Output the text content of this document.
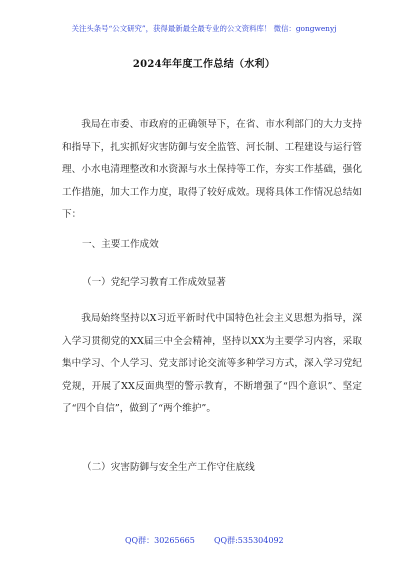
关注头条号“公文研究”，获得最新最全最专业的公文资料库！ 微信：gongwenyj
2024年年度工作总结（水利）

我局在市委、市政府的正确领导下，在省、市水利部门的大力支持和指导下，扎实抓好灾害防御与安全监管、河长制、工程建设与运行管理、小水电清理整改和水资源与水土保持等工作，夯实工作基础，强化工作措施，加大工作力度，取得了较好成效。现将具体工作情况总结如下：

一、主要工作成效
（一）党纪学习教育工作成效显著

我局始终坚持以X习近平新时代中国特色社会主义思想为指导，深入学习贯彻党的XX届三中全会精神，坚持以XX为主要学习内容，采取集中学习、个人学习、党支部讨论交流等多种学习方式，深入学习党纪党规，开展了XX反面典型的警示教育，不断增强了“四个意识”、坚定了“四个自信”，做到了“两个维护”。

（二）灾害防御与安全生产工作守住底线
QQ群：30265665 QQ群:535304092
